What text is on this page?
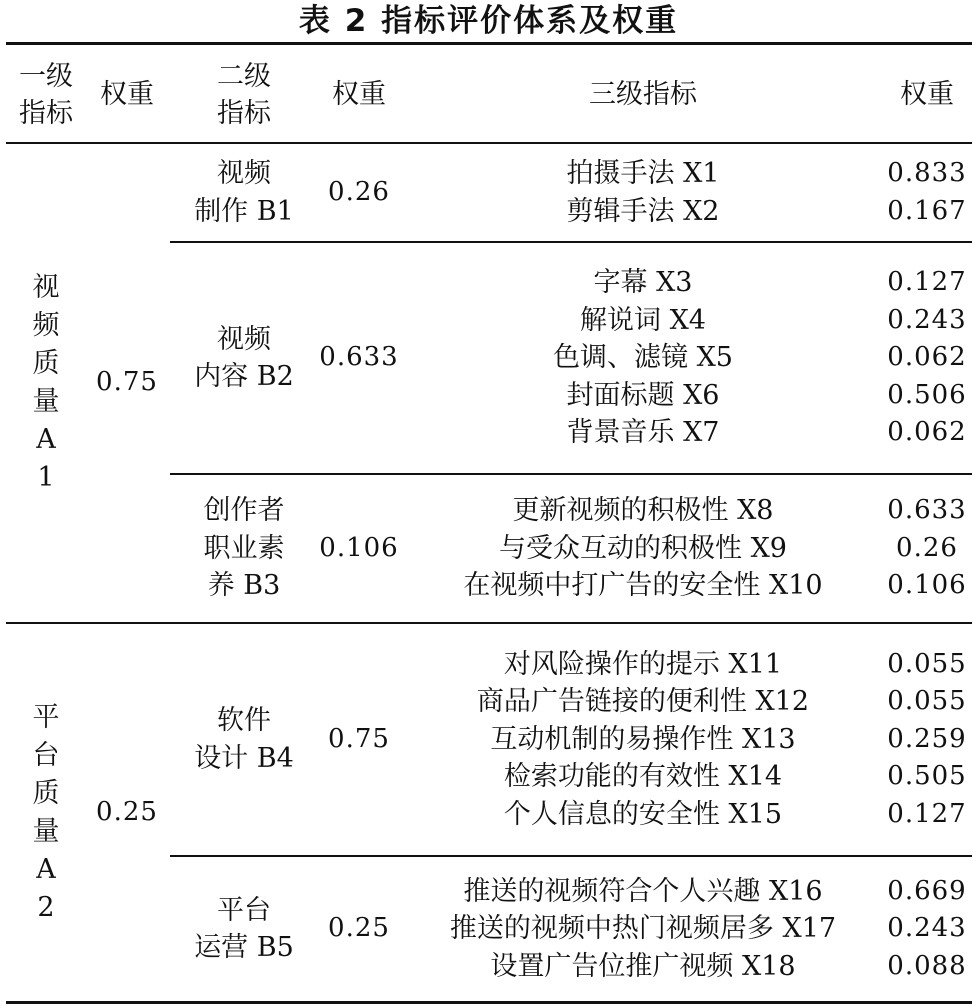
表 2 指标评价体系及权重
一级
指标
权重
二级
指标
权重	三级指标	权重
视
频
质
量
A
1
0.75
视频
制作 B1
0.26
拍摄手法 X1
剪辑手法 X2
0.833
0.167
视频
内容 B2
0.633
字幕 X3
解说词 X4
色调、滤镜 X5
封面标题 X6
背景音乐 X7
0.127
0.243
0.062
0.506
0.062
创作者
职业素
养 B3
0.106
更新视频的积极性 X8
与受众互动的积极性 X9
在视频中打广告的安全性 X10
0.633
0.26
0.106
平
台
质
量
A
2
0.25
软件
设计 B4
0.75
对风险操作的提示 X11
商品广告链接的便利性 X12
互动机制的易操作性 X13
检索功能的有效性 X14
个人信息的安全性 X15
0.055
0.055
0.259
0.505
0.127
平台
运营 B5
0.25
推送的视频符合个人兴趣 X16
推送的视频中热门视频居多 X17
设置广告位推广视频 X18
0.669
0.243
0.088
